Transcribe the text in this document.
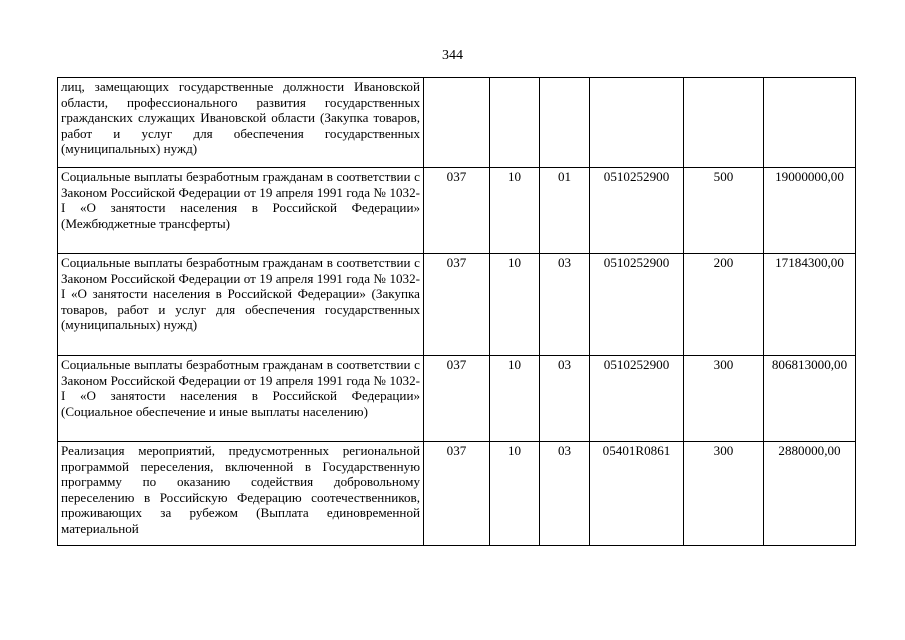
344
лиц, замещающих государственные должности Ивановской области, профессионального развития государственных гражданских служащих Ивановской области (Закупка товаров, работ и услуг для обеспечения государственных (муниципальных) нужд)						
Социальные выплаты безработным гражданам в соответствии с Законом Российской Федерации от 19 апреля 1991 года № 1032-I «О занятости населения в Российской Федерации» (Межбюджетные трансферты)	037	10	01	0510252900	500	19000000,00
Социальные выплаты безработным гражданам в соответствии с Законом Российской Федерации от 19 апреля 1991 года № 1032-I «О занятости населения в Российской Федерации» (Закупка товаров, работ и услуг для обеспечения государственных (муниципальных) нужд)	037	10	03	0510252900	200	17184300,00
Социальные выплаты безработным гражданам в соответствии с Законом Российской Федерации от 19 апреля 1991 года № 1032-I «О занятости населения в Российской Федерации» (Социальное обеспечение и иные выплаты населению)	037	10	03	0510252900	300	806813000,00
Реализация мероприятий, предусмотренных региональной программой переселения, включенной в Государственную программу по оказанию содействия добровольному переселению в Российскую Федерацию соотечественников, проживающих за рубежом (Выплата единовременной материальной	037	10	03	05401R0861	300	2880000,00
